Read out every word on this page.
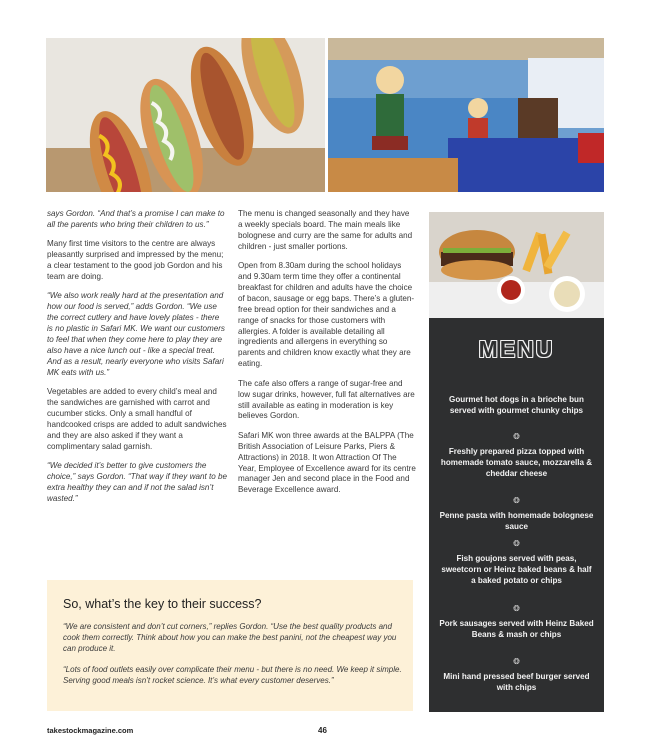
says Gordon. “And that’s a promise I can make to all the parents who bring their children to us.”

Many first time visitors to the centre are always pleasantly surprised and impressed by the menu; a clear testament to the good job Gordon and his team are doing.

“We also work really hard at the presentation and how our food is served,” adds Gordon. “We use the correct cutlery and have lovely plates - there is no plastic in Safari MK. We want our customers to feel that when they come here to play they are also have a nice lunch out - like a special treat. And as a result, nearly everyone who visits Safari MK eats with us.”

Vegetables are added to every child’s meal and the sandwiches are garnished with carrot and cucumber sticks. Only a small handful of handcooked crisps are added to adult sandwiches and they are also asked if they want a complimentary salad garnish.

“We decided it’s better to give customers the choice,” says Gordon. “That way if they want to be extra healthy they can and if not the salad isn’t wasted.”

The menu is changed seasonally and they have a weekly specials board. The main meals like bolognese and curry are the same for adults and children - just smaller portions.

Open from 8.30am during the school holidays and 9.30am term time they offer a continental breakfast for children and adults have the choice of bacon, sausage or egg baps. There’s a gluten-free bread option for their sandwiches and a range of snacks for those customers with allergies. A folder is available detailing all ingredients and allergens in everything so parents and children know exactly what they are eating.

The cafe also offers a range of sugar-free and low sugar drinks, however, full fat alternatives are still available as eating in moderation is key believes Gordon.

Safari MK won three awards at the BALPPA (The British Association of Leisure Parks, Piers & Attractions) in 2018. It won Attraction Of The Year, Employee of Excellence award for its centre manager Jen and second place in the Food and Beverage Excellence award.

MENU
Gourmet hot dogs in a brioche bun served with gourmet chunky chips
❂
Freshly prepared pizza topped with homemade tomato sauce, mozzarella & cheddar cheese
❂
Penne pasta with homemade bolognese sauce
❂
Fish goujons served with peas, sweetcorn or Heinz baked beans & half a baked potato or chips
❂
Pork sausages served with Heinz Baked Beans & mash or chips
❂
Mini hand pressed beef burger served with chips
So, what’s the key to their success?

“We are consistent and don’t cut corners,” replies Gordon. “Use the best quality products and cook them correctly. Think about how you can make the best panini, not the cheapest way you can produce it.

“Lots of food outlets easily over complicate their menu - but there is no need. We keep it simple. Serving good meals isn’t rocket science. It’s what every customer deserves.”

takestockmagazine.com	46
